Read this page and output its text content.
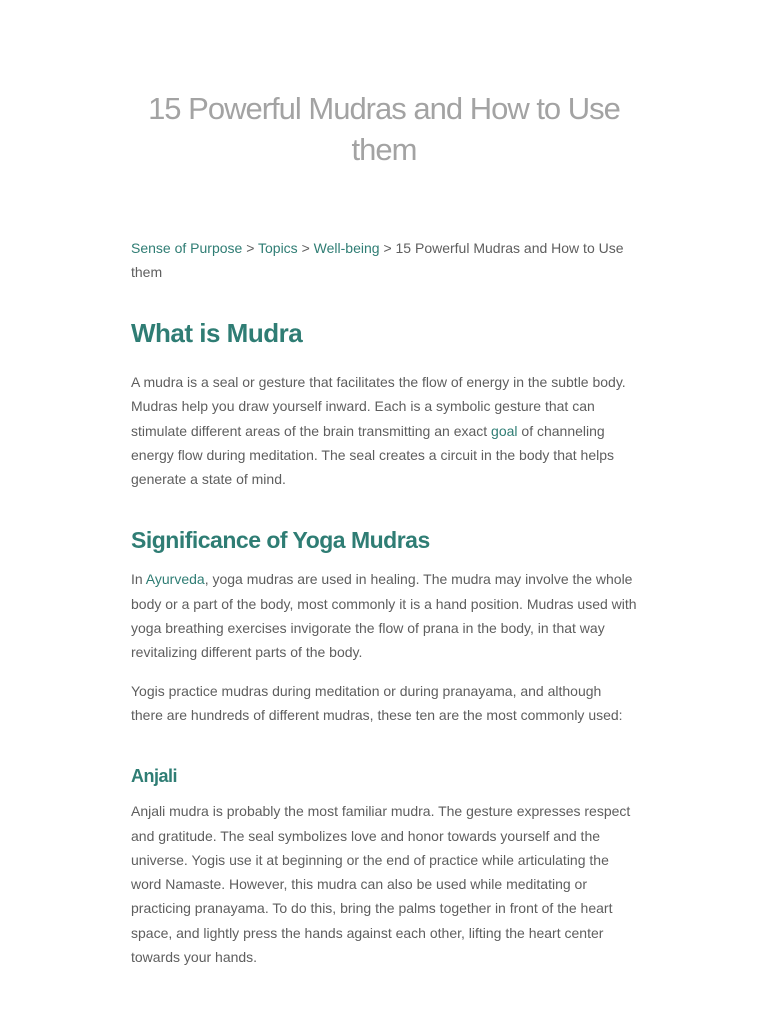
15 Powerful Mudras and How to Use them
Sense of Purpose > Topics > Well-being > 15 Powerful Mudras and How to Use them
What is Mudra

A mudra is a seal or gesture that facilitates the flow of energy in the subtle body. Mudras help you draw yourself inward. Each is a symbolic gesture that can stimulate different areas of the brain transmitting an exact goal of channeling energy flow during meditation. The seal creates a circuit in the body that helps generate a state of mind.

Significance of Yoga Mudras

In Ayurveda, yoga mudras are used in healing. The mudra may involve the whole body or a part of the body, most commonly it is a hand position. Mudras used with yoga breathing exercises invigorate the flow of prana in the body, in that way revitalizing different parts of the body.

Yogis practice mudras during meditation or during pranayama, and although there are hundreds of different mudras, these ten are the most commonly used:

Anjali

Anjali mudra is probably the most familiar mudra. The gesture expresses respect and gratitude. The seal symbolizes love and honor towards yourself and the universe. Yogis use it at beginning or the end of practice while articulating the word Namaste. However, this mudra can also be used while meditating or practicing pranayama. To do this, bring the palms together in front of the heart space, and lightly press the hands against each other, lifting the heart center towards your hands.
